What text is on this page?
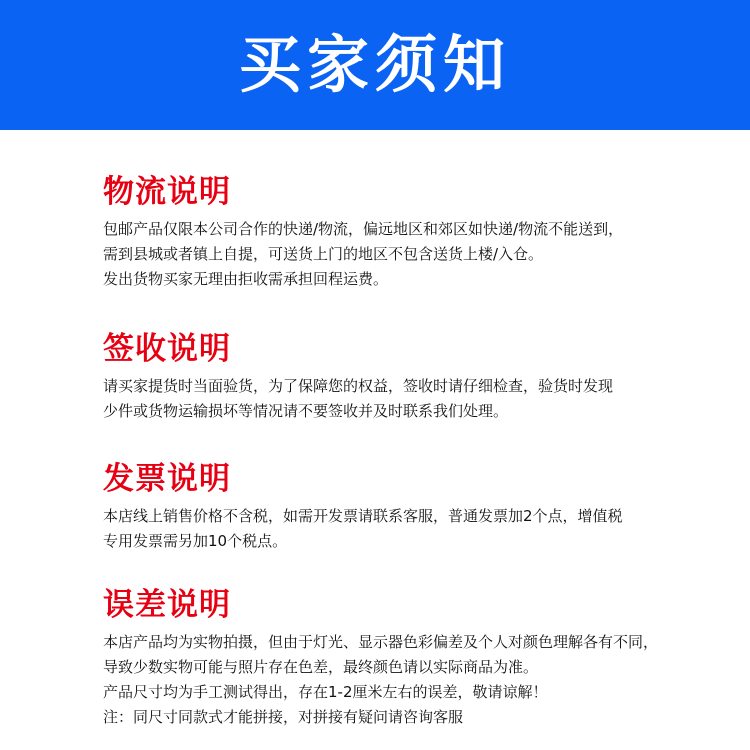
买家须知
物流说明
包邮产品仅限本公司合作的快递/物流，偏远地区和郊区如快递/物流不能送到，
需到县城或者镇上自提，可送货上门的地区不包含送货上楼/入仓。
发出货物买家无理由拒收需承担回程运费。
签收说明
请买家提货时当面验货，为了保障您的权益，签收时请仔细检查，验货时发现
少件或货物运输损坏等情况请不要签收并及时联系我们处理。
发票说明
本店线上销售价格不含税，如需开发票请联系客服，普通发票加2个点，增值税
专用发票需另加10个税点。
误差说明
本店产品均为实物拍摄，但由于灯光、显示器色彩偏差及个人对颜色理解各有不同，
导致少数实物可能与照片存在色差，最终颜色请以实际商品为准。
产品尺寸均为手工测试得出，存在1-2厘米左右的误差，敬请谅解！
注：同尺寸同款式才能拼接，对拼接有疑问请咨询客服
